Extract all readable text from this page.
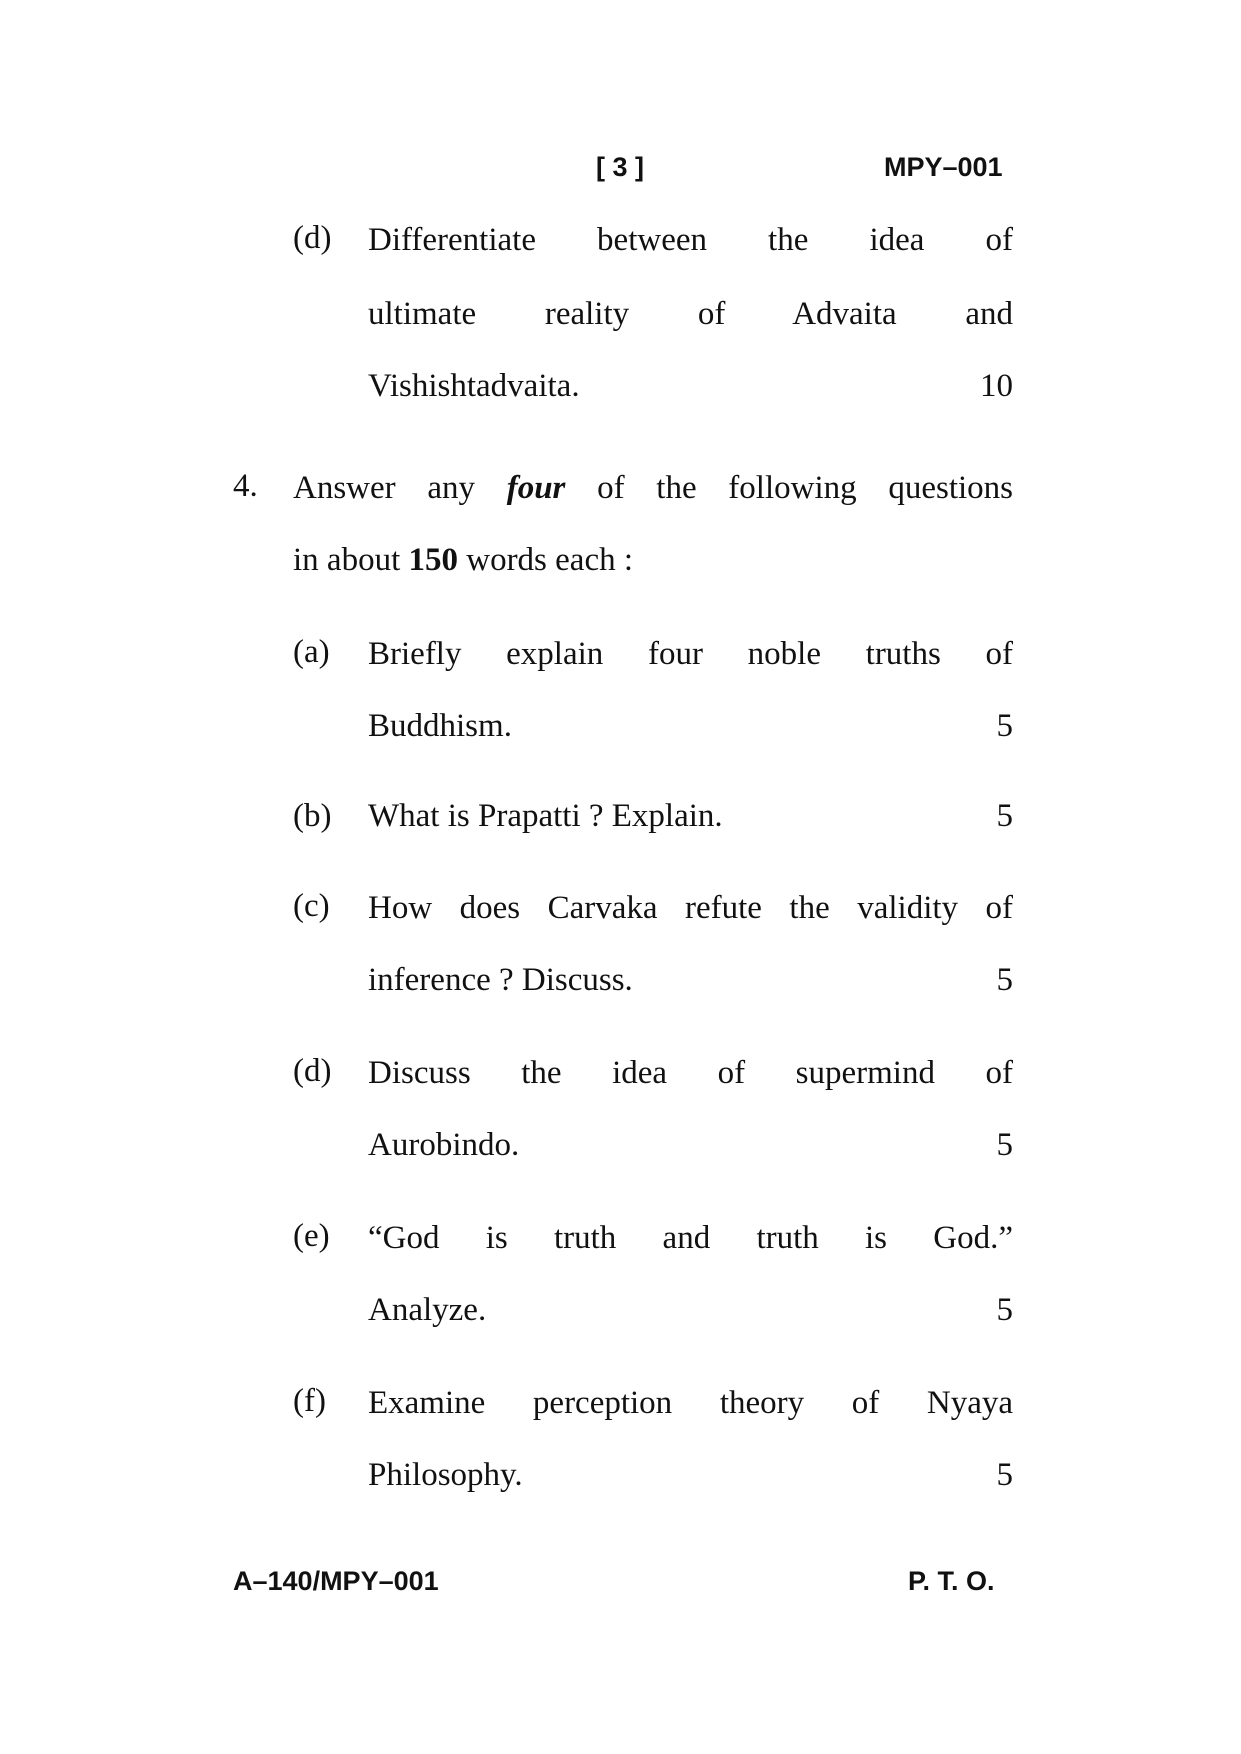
[ 3 ]	MPY–001
(d) Differentiate between the idea of
ultimate reality of Advaita and
Vishishtadvaita.	10
4. Answer any four of the following questions
in about 150 words each :
(a) Briefly explain four noble truths of
Buddhism.	5
(b) What is Prapatti ? Explain.	5
(c) How does Carvaka refute the validity of
inference ? Discuss.	5
(d) Discuss the idea of supermind of
Aurobindo.	5
(e) “God is truth and truth is God.”
Analyze.	5
(f) Examine perception theory of Nyaya
Philosophy.	5
A–140/MPY–001	P. T. O.
